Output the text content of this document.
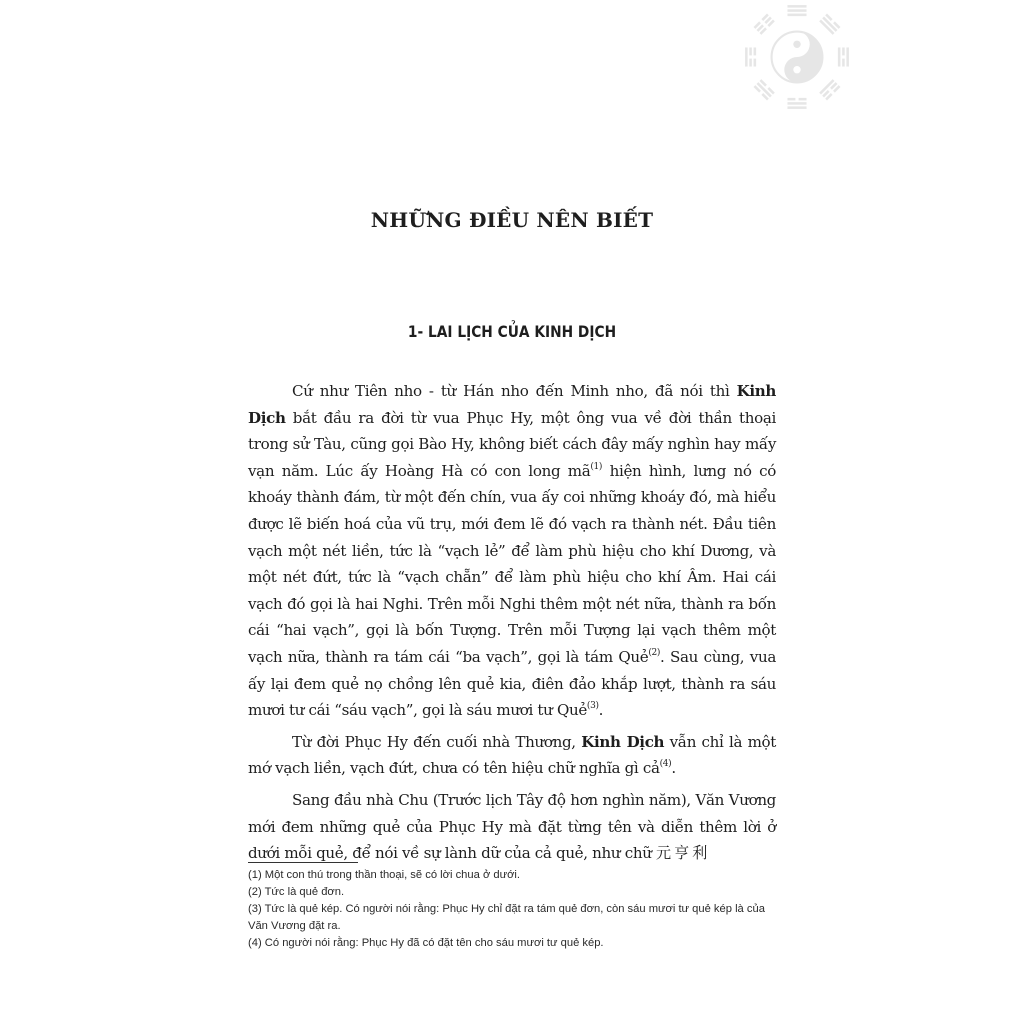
NHỮNG ĐIỀU NÊN BIẾT
1- LAI LỊCH CỦA KINH DỊCH

Cứ như Tiên nho - từ Hán nho đến Minh nho, đã nói thì Kinh Dịch bắt đầu ra đời từ vua Phục Hy, một ông vua về đời thần thoại trong sử Tàu, cũng gọi Bào Hy, không biết cách đây mấy nghìn hay mấy vạn năm. Lúc ấy Hoàng Hà có con long $mã^{(1)}$ hiện hình, lưng nó có khoáy thành đám, từ một đến chín, vua ấy coi những khoáy đó, mà hiểu được lẽ biến hoá của vũ trụ, mới đem lẽ đó vạch ra thành nét. Đầu tiên vạch một nét liền, tức là “vạch lẻ” để làm phù hiệu cho khí Dương, và một nét đứt, tức là “vạch chẵn” để làm phù hiệu cho khí Âm. Hai cái vạch đó gọi là hai Nghi. Trên mỗi Nghi thêm một nét nữa, thành ra bốn cái “hai vạch”, gọi là bốn Tượng. Trên mỗi Tượng lại vạch thêm một vạch nữa, thành ra tám cái “ba vạch”, gọi là tám Quẻ$^{(2)}$. Sau cùng, vua ấy lại đem quẻ nọ chồng lên quẻ kia, điên đảo khắp lượt, thành ra sáu mươi tư cái “sáu vạch”, gọi là sáu mươi tư Quẻ$^{(3)}$.

Từ đời Phục Hy đến cuối nhà Thương, Kinh Dịch vẫn chỉ là một mớ vạch liền, vạch đứt, chưa có tên hiệu chữ nghĩa gì cả$^{(4)}$.

Sang đầu nhà Chu (Trước lịch Tây độ hơn nghìn năm), Văn Vương mới đem những quẻ của Phục Hy mà đặt từng tên và diễn thêm lời ở dưới mỗi quẻ, để nói về sự lành dữ của cả quẻ, như chữ 元亨利

(1) Một con thú trong thần thoại, sẽ có lời chua ở dưới.
(2) Tức là quẻ đơn.
(3) Tức là quẻ kép. Có người nói rằng: Phục Hy chỉ đặt ra tám quẻ đơn, còn sáu mươi tư quẻ kép là của Văn Vương đặt ra.
(4) Có người nói rằng: Phục Hy đã có đặt tên cho sáu mươi tư quẻ kép.
